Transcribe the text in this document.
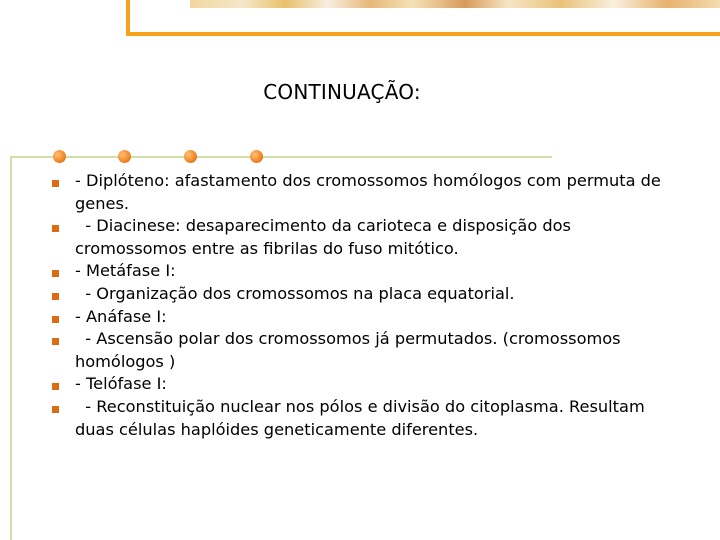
CONTINUAÇÃO:
- Diplóteno: afastamento dos cromossomos homólogos com permuta de genes.
- Diacinese: desaparecimento da carioteca e disposição dos cromossomos entre as fibrilas do fuso mitótico.
- Metáfase I:
- Organização dos cromossomos na placa equatorial.
- Anáfase I:
- Ascensão polar dos cromossomos já permutados. (cromossomos homólogos )
- Telófase I:
- Reconstituição nuclear nos pólos e divisão do citoplasma. Resultam duas células haplóides geneticamente diferentes.
